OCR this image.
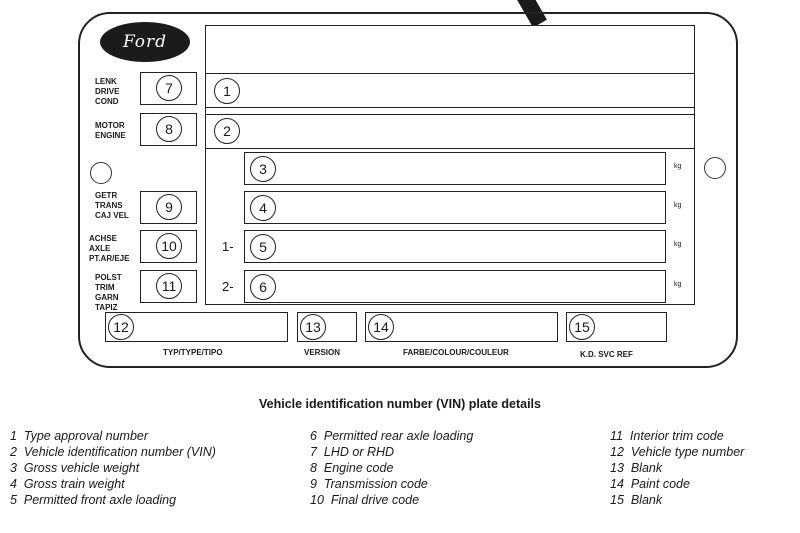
Ford
1
2
3	kg
4	kg
1-	5	kg
2-	6	kg
LENK
DRIVE
COND
7
MOTOR
ENGINE	8
GETR
TRANS
CAJ VEL
9
ACHSE
AXLE
PT.AR/EJE
10
POLST
TRIM
GARN
TAPIZ
11
12
TYP/TYPE/TIPO
13
VERSION
14
FARBE/COLOUR/COULEUR
15
K.D. SVC REF
Vehicle identification number (VIN) plate details
1  Type approval number
2  Vehicle identification number (VIN)
3  Gross vehicle weight
4  Gross train weight
5  Permitted front axle loading
6  Permitted rear axle loading
7  LHD or RHD
8  Engine code
9  Transmission code
10  Final drive code
11  Interior trim code
12  Vehicle type number
13  Blank
14  Paint code
15  Blank
